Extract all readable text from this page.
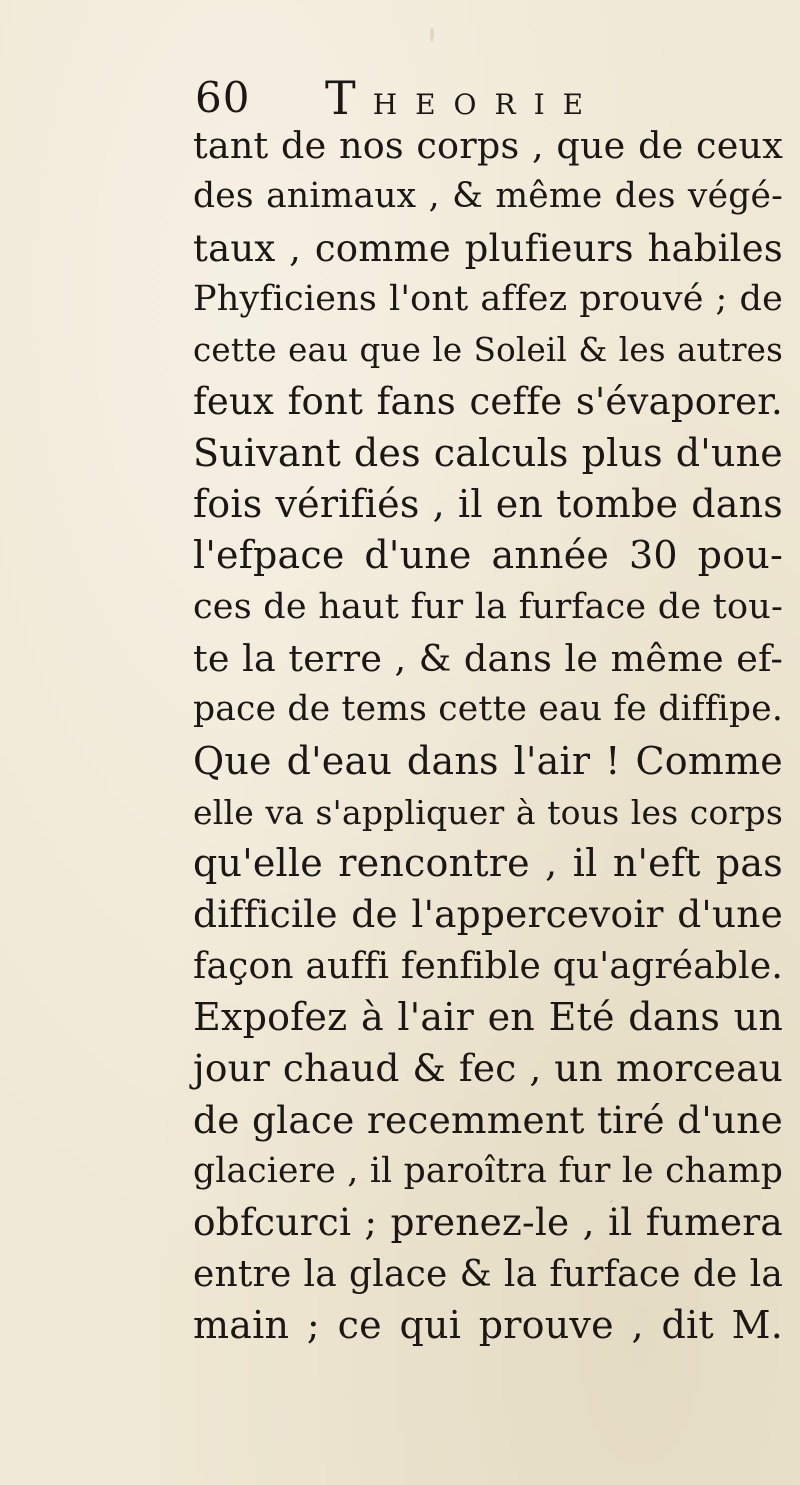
60 THEORIE
tant de nos corps , que de ceux
des animaux , & même des végé-
taux , comme plufieurs habiles
Phyficiens l'ont affez prouvé ; de
cette eau que le Soleil & les autres
feux font fans ceffe s'évaporer.
Suivant des calculs plus d'une
fois vérifiés , il en tombe dans
l'efpace d'une année 30 pou-
ces de haut fur la furface de tou-
te la terre , & dans le même ef-
pace de tems cette eau fe diffipe.
Que d'eau dans l'air ! Comme
elle va s'appliquer à tous les corps
qu'elle rencontre , il n'eft pas
difficile de l'appercevoir d'une
façon auffi fenfible qu'agréable.
Expofez à l'air en Eté dans un
jour chaud & fec , un morceau
de glace recemment tiré d'une
glaciere , il paroîtra fur le champ
obfcurci ; prenez-le , il fumera
entre la glace & la furface de la
main ; ce qui prouve , dit M.
